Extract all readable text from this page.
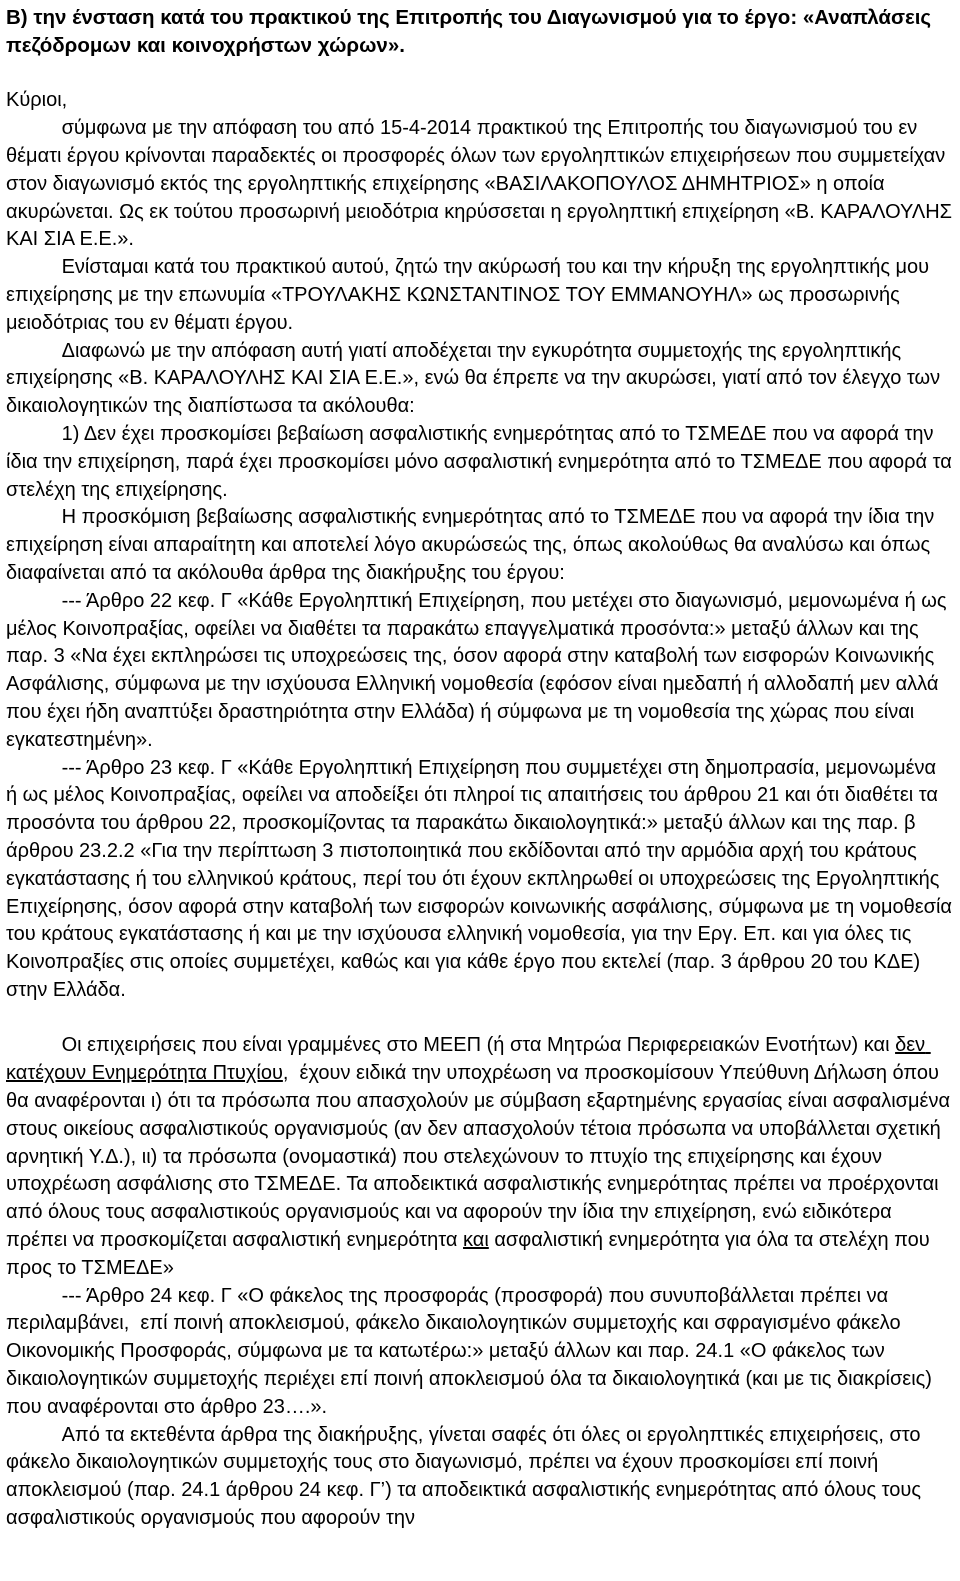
Β) την ένσταση κατά του πρακτικού της Επιτροπής του Διαγωνισμού για το έργο: «Αναπλάσεις πεζόδρομων και κοινοχρήστων χώρων».

Κύριοι,

σύμφωνα με την απόφαση του από 15-4-2014 πρακτικού της Επιτροπής του διαγωνισμού του εν θέματι έργου κρίνονται παραδεκτές οι προσφορές όλων των εργοληπτικών επιχειρήσεων που συμμετείχαν στον διαγωνισμό εκτός της εργοληπτικής επιχείρησης «ΒΑΣΙΛΑΚΟΠΟΥΛΟΣ ΔΗΜΗΤΡΙΟΣ» η οποία ακυρώνεται. Ως εκ τούτου προσωρινή μειοδότρια κηρύσσεται η εργοληπτική επιχείρηση «Β. ΚΑΡΑΛΟΥΛΗΣ ΚΑΙ ΣΙΑ Ε.Ε.».

Ενίσταμαι κατά του πρακτικού αυτού, ζητώ την ακύρωσή του και την κήρυξη της εργοληπτικής μου επιχείρησης με την επωνυμία «ΤΡΟΥΛΑΚΗΣ ΚΩΝΣΤΑΝΤΙΝΟΣ ΤΟΥ ΕΜΜΑΝΟΥΗΛ» ως προσωρινής μειοδότριας του εν θέματι έργου.

Διαφωνώ με την απόφαση αυτή γιατί αποδέχεται την εγκυρότητα συμμετοχής της εργοληπτικής επιχείρησης «Β. ΚΑΡΑΛΟΥΛΗΣ ΚΑΙ ΣΙΑ Ε.Ε.», ενώ θα έπρεπε να την ακυρώσει, γιατί από τον έλεγχο των δικαιολογητικών της διαπίστωσα τα ακόλουθα:

1) Δεν έχει προσκομίσει βεβαίωση ασφαλιστικής ενημερότητας από το ΤΣΜΕΔΕ που να αφορά την ίδια την επιχείρηση, παρά έχει προσκομίσει μόνο ασφαλιστική ενημερότητα από το ΤΣΜΕΔΕ που αφορά τα στελέχη της επιχείρησης.

Η προσκόμιση βεβαίωσης ασφαλιστικής ενημερότητας από το ΤΣΜΕΔΕ που να αφορά την ίδια την επιχείρηση είναι απαραίτητη και αποτελεί λόγο ακυρώσεώς της, όπως ακολούθως θα αναλύσω και όπως διαφαίνεται από τα ακόλουθα άρθρα της διακήρυξης του έργου:

--- Άρθρο 22 κεφ. Γ «Κάθε Εργοληπτική Επιχείρηση, που μετέχει στο διαγωνισμό, μεμονωμένα ή ως μέλος Κοινοπραξίας, οφείλει να διαθέτει τα παρακάτω επαγγελματικά προσόντα:» μεταξύ άλλων και της παρ. 3 «Να έχει εκπληρώσει τις υποχρεώσεις της, όσον αφορά στην καταβολή των εισφορών Κοινωνικής Ασφάλισης, σύμφωνα με την ισχύουσα Ελληνική νομοθεσία (εφόσον είναι ημεδαπή ή αλλοδαπή μεν αλλά που έχει ήδη αναπτύξει δραστηριότητα στην Ελλάδα) ή σύμφωνα με τη νομοθεσία της χώρας που είναι εγκατεστημένη».

--- Άρθρο 23 κεφ. Γ «Κάθε Εργοληπτική Επιχείρηση που συμμετέχει στη δημοπρασία, μεμονωμένα ή ως μέλος Κοινοπραξίας, οφείλει να αποδείξει ότι πληροί τις απαιτήσεις του άρθρου 21 και ότι διαθέτει τα προσόντα του άρθρου 22, προσκομίζοντας τα παρακάτω δικαιολογητικά:» μεταξύ άλλων και της παρ. β άρθρου 23.2.2 «Για την περίπτωση 3 πιστοποιητικά που εκδίδονται από την αρμόδια αρχή του κράτους εγκατάστασης ή του ελληνικού κράτους, περί του ότι έχουν εκπληρωθεί οι υποχρεώσεις της Εργοληπτικής Επιχείρησης, όσον αφορά στην καταβολή των εισφορών κοινωνικής ασφάλισης, σύμφωνα με τη νομοθεσία του κράτους εγκατάστασης ή και με την ισχύουσα ελληνική νομοθεσία, για την Εργ. Επ. και για όλες τις Κοινοπραξίες στις οποίες συμμετέχει, καθώς και για κάθε έργο που εκτελεί (παρ. 3 άρθρου 20 του ΚΔΕ) στην Ελλάδα.

Οι επιχειρήσεις που είναι γραμμένες στο ΜΕΕΠ (ή στα Μητρώα Περιφερειακών Ενοτήτων) και δεν κατέχουν Ενημερότητα Πτυχίου,  έχουν ειδικά την υποχρέωση να προσκομίσουν Υπεύθυνη Δήλωση όπου θα αναφέρονται ι) ότι τα πρόσωπα που απασχολούν με σύμβαση εξαρτημένης εργασίας είναι ασφαλισμένα στους οικείους ασφαλιστικούς οργανισμούς (αν δεν απασχολούν τέτοια πρόσωπα να υποβάλλεται σχετική αρνητική Υ.Δ.), ιι) τα πρόσωπα (ονομαστικά) που στελεχώνουν το πτυχίο της επιχείρησης και έχουν υποχρέωση ασφάλισης στο ΤΣΜΕΔΕ. Τα αποδεικτικά ασφαλιστικής ενημερότητας πρέπει να προέρχονται από όλους τους ασφαλιστικούς οργανισμούς και να αφορούν την ίδια την επιχείρηση, ενώ ειδικότερα πρέπει να προσκομίζεται ασφαλιστική ενημερότητα και ασφαλιστική ενημερότητα για όλα τα στελέχη που προς το ΤΣΜΕΔΕ»

--- Άρθρο 24 κεφ. Γ «Ο φάκελος της προσφοράς (προσφορά) που συνυποβάλλεται πρέπει να περιλαμβάνει,  επί ποινή αποκλεισμού, φάκελο δικαιολογητικών συμμετοχής και σφραγισμένο φάκελο Οικονομικής Προσφοράς, σύμφωνα με τα κατωτέρω:» μεταξύ άλλων και παρ. 24.1 «Ο φάκελος των δικαιολογητικών συμμετοχής περιέχει επί ποινή αποκλεισμού όλα τα δικαιολογητικά (και με τις διακρίσεις) που αναφέρονται στο άρθρο 23….».

Από τα εκτεθέντα άρθρα της διακήρυξης, γίνεται σαφές ότι όλες οι εργοληπτικές επιχειρήσεις, στο φάκελο δικαιολογητικών συμμετοχής τους στο διαγωνισμό, πρέπει να έχουν προσκομίσει επί ποινή αποκλεισμού (παρ. 24.1 άρθρου 24 κεφ. Γ’) τα αποδεικτικά ασφαλιστικής ενημερότητας από όλους τους ασφαλιστικούς οργανισμούς που αφορούν την
